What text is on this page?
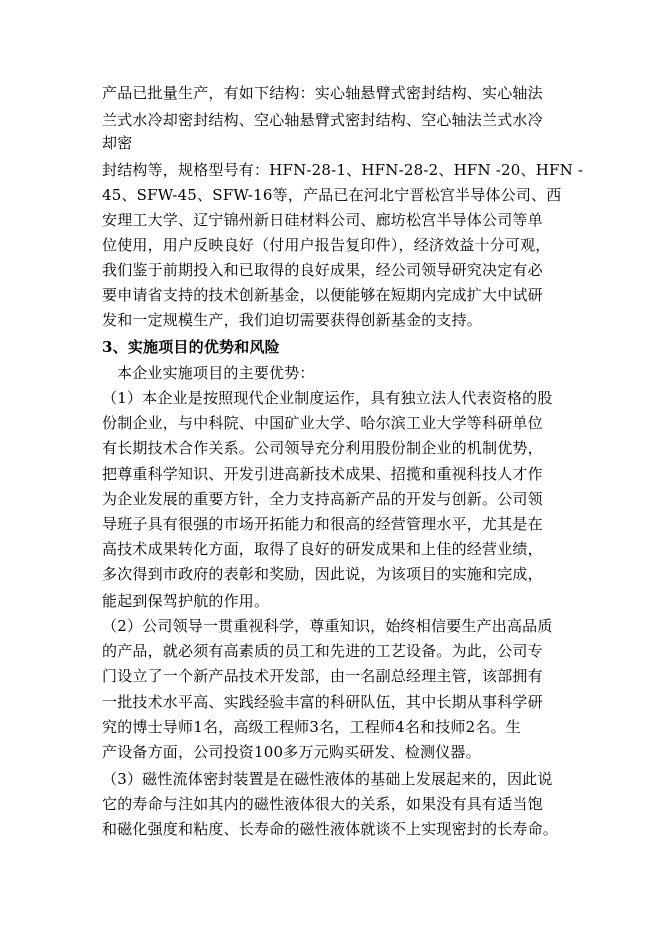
产品已批量生产，有如下结构：实心轴悬臂式密封结构、实心轴法
兰式水冷却密封结构、空心轴悬臂式密封结构、空心轴法兰式水冷
却密
封结构等，规格型号有：HFN-28-1、HFN-28-2、HFN -20、HFN -
45、SFW-45、SFW-16等，产品已在河北宁晋松宫半导体公司、西
安理工大学、辽宁锦州新日硅材料公司、廊坊松宫半导体公司等单
位使用，用户反映良好（付用户报告复印件），经济效益十分可观，
我们鉴于前期投入和已取得的良好成果，经公司领导研究决定有必
要申请省支持的技术创新基金，以便能够在短期内完成扩大中试研
发和一定规模生产，我们迫切需要获得创新基金的支持。
3、实施项目的优势和风险
本企业实施项目的主要优势：
（1）本企业是按照现代企业制度运作，具有独立法人代表资格的股
份制企业，与中科院、中国矿业大学、哈尔滨工业大学等科研单位
有长期技术合作关系。公司领导充分利用股份制企业的机制优势，
把尊重科学知识、开发引进高新技术成果、招揽和重视科技人才作
为企业发展的重要方针，全力支持高新产品的开发与创新。公司领
导班子具有很强的市场开拓能力和很高的经营管理水平，尤其是在
高技术成果转化方面，取得了良好的研发成果和上佳的经营业绩，
多次得到市政府的表彰和奖励，因此说，为该项目的实施和完成，
能起到保驾护航的作用。
（2）公司领导一贯重视科学，尊重知识，始终相信要生产出高品质
的产品，就必须有高素质的员工和先进的工艺设备。为此，公司专
门设立了一个新产品技术开发部，由一名副总经理主管，该部拥有
一批技术水平高、实践经验丰富的科研队伍，其中长期从事科学研
究的博士导师1名，高级工程师3名，工程师4名和技师2名。生
产设备方面，公司投资100多万元购买研发、检测仪器。
（3）磁性流体密封装置是在磁性液体的基础上发展起来的，因此说
它的寿命与注如其内的磁性液体很大的关系，如果没有具有适当饱
和磁化强度和粘度、长寿命的磁性液体就谈不上实现密封的长寿命。
